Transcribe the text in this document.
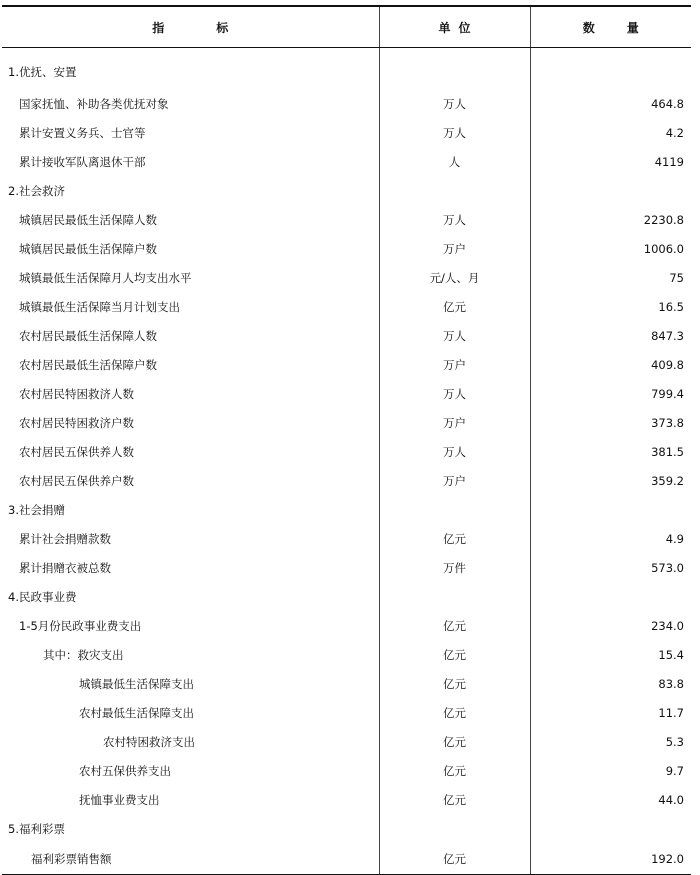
指标	单位	数量
1.优抚、安置		
国家抚恤、补助各类优抚对象	万人	464.8
累计安置义务兵、士官等	万人	4.2
累计接收军队离退休干部	人	4119
2.社会救济		
城镇居民最低生活保障人数	万人	2230.8
城镇居民最低生活保障户数	万户	1006.0
城镇最低生活保障月人均支出水平	元/人、月	75
城镇最低生活保障当月计划支出	亿元	16.5
农村居民最低生活保障人数	万人	847.3
农村居民最低生活保障户数	万户	409.8
农村居民特困救济人数	万人	799.4
农村居民特困救济户数	万户	373.8
农村居民五保供养人数	万人	381.5
农村居民五保供养户数	万户	359.2
3.社会捐赠		
累计社会捐赠款数	亿元	4.9
累计捐赠衣被总数	万件	573.0
4.民政事业费		
1-5月份民政事业费支出	亿元	234.0
其中：救灾支出	亿元	15.4
城镇最低生活保障支出	亿元	83.8
农村最低生活保障支出	亿元	11.7
农村特困救济支出	亿元	5.3
农村五保供养支出	亿元	9.7
抚恤事业费支出	亿元	44.0
5.福利彩票		
福利彩票销售额	亿元	192.0
